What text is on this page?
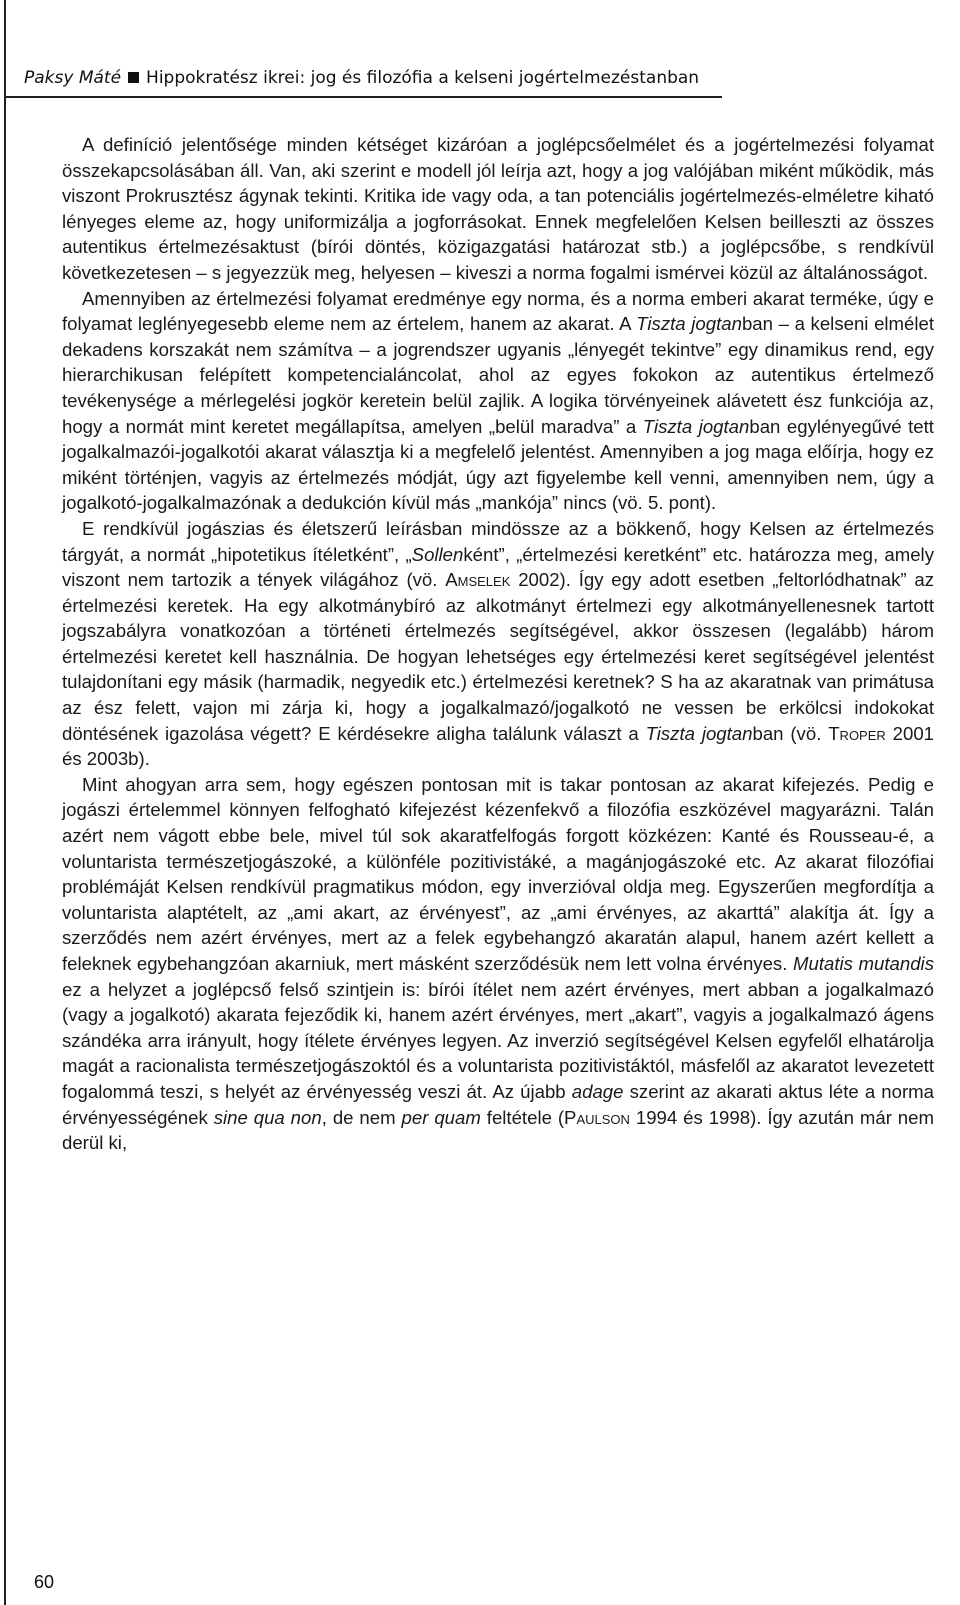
Paksy Máté Hippokratész ikrei: jog és filozófia a kelseni jogértelmezéstanban

A definíció jelentősége minden kétséget kizáróan a joglépcsőelmélet és a jogértelmezési folyamat összekapcsolásában áll. Van, aki szerint e modell jól leírja azt, hogy a jog valójában miként működik, más viszont Prokrusztész ágynak tekinti. Kritika ide vagy oda, a tan potenciális jogértelmezés-elméletre kiható lényeges eleme az, hogy uniformizálja a jogforrásokat. Ennek megfelelően Kelsen beilleszti az összes autentikus értelmezésaktust (bírói döntés, közigazgatási határozat stb.) a joglépcsőbe, s rendkívül következetesen – s jegyezzük meg, helyesen – kiveszi a norma fogalmi ismérvei közül az általánosságot.

Amennyiben az értelmezési folyamat eredménye egy norma, és a norma emberi akarat terméke, úgy e folyamat leglényegesebb eleme nem az értelem, hanem az akarat. A Tiszta jogtanban – a kelseni elmélet dekadens korszakát nem számítva – a jogrendszer ugyanis „lényegét tekintve” egy dinamikus rend, egy hierarchikusan felépített kompetencialáncolat, ahol az egyes fokokon az autentikus értelmező tevékenysége a mérlegelési jogkör keretein belül zajlik. A logika törvényeinek alávetett ész funkciója az, hogy a normát mint keretet megállapítsa, amelyen „belül maradva” a Tiszta jogtanban egylényegűvé tett jogalkalmazói-jogalkotói akarat választja ki a megfelelő jelentést. Amennyiben a jog maga előírja, hogy ez miként történjen, vagyis az értelmezés módját, úgy azt figyelembe kell venni, amennyiben nem, úgy a jogalkotó-jogalkalmazónak a dedukción kívül más „mankója” nincs (vö. 5. pont).

E rendkívül jogászias és életszerű leírásban mindössze az a bökkenő, hogy Kelsen az értelmezés tárgyát, a normát „hipotetikus ítéletként”, „Sollenként”, „értelmezési keretként” etc. határozza meg, amely viszont nem tartozik a tények világához (vö. Amselek 2002). Így egy adott esetben „feltorlódhatnak” az értelmezési keretek. Ha egy alkotmánybíró az alkotmányt értelmezi egy alkotmányellenesnek tartott jogszabályra vonatkozóan a történeti értelmezés segítségével, akkor összesen (legalább) három értelmezési keretet kell használnia. De hogyan lehetséges egy értelmezési keret segítségével jelentést tulajdonítani egy másik (harmadik, negyedik etc.) értelmezési keretnek? S ha az akaratnak van primátusa az ész felett, vajon mi zárja ki, hogy a jogalkalmazó/jogalkotó ne vessen be erkölcsi indokokat döntésének igazolása végett? E kérdésekre aligha találunk választ a Tiszta jogtanban (vö. Troper 2001 és 2003b).

Mint ahogyan arra sem, hogy egészen pontosan mit is takar pontosan az akarat kifejezés. Pedig e jogászi értelemmel könnyen felfogható kifejezést kézenfekvő a filozófia eszközével magyarázni. Talán azért nem vágott ebbe bele, mivel túl sok akaratfelfogás forgott közkézen: Kanté és Rousseau-é, a voluntarista természetjogászoké, a különféle pozitivistáké, a magánjogászoké etc. Az akarat filozófiai problémáját Kelsen rendkívül pragmatikus módon, egy inverzióval oldja meg. Egyszerűen megfordítja a voluntarista alaptételt, az „ami akart, az érvényest”, az „ami érvényes, az akarttá” alakítja át. Így a szerződés nem azért érvényes, mert az a felek egybehangzó akaratán alapul, hanem azért kellett a feleknek egybehangzóan akarniuk, mert másként szerződésük nem lett volna érvényes. Mutatis mutandis ez a helyzet a joglépcső felső szintjein is: bírói ítélet nem azért érvényes, mert abban a jogalkalmazó (vagy a jogalkotó) akarata fejeződik ki, hanem azért érvényes, mert „akart”, vagyis a jogalkalmazó ágens szándéka arra irányult, hogy ítélete érvényes legyen. Az inverzió segítségével Kelsen egyfelől elhatárolja magát a racionalista természetjogászoktól és a voluntarista pozitivistáktól, másfelől az akaratot levezetett fogalommá teszi, s helyét az érvényesség veszi át. Az újabb adage szerint az akarati aktus léte a norma érvényességének sine qua non, de nem per quam feltétele (Paulson 1994 és 1998). Így azután már nem derül ki,

60
